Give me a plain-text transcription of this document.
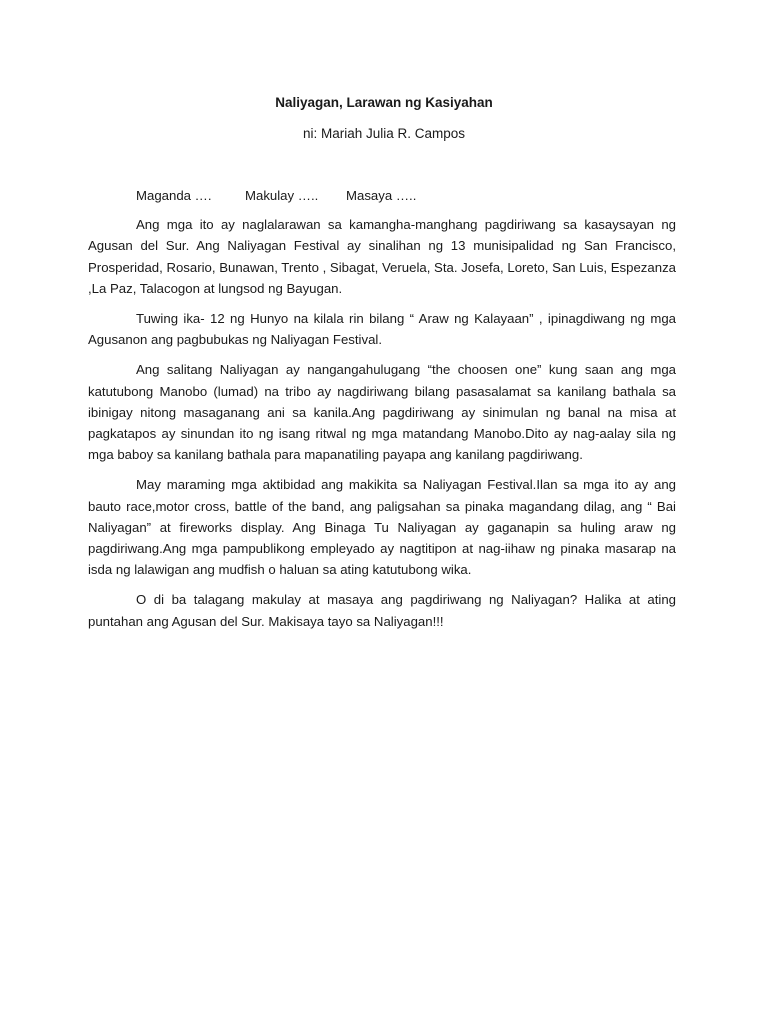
Naliyagan, Larawan ng Kasiyahan
ni: Mariah Julia R. Campos
Maganda ….	Makulay ….. Masaya …..

Ang mga ito ay naglalarawan sa kamangha-manghang pagdiriwang sa kasaysayan ng Agusan del Sur. Ang Naliyagan Festival ay sinalihan ng 13 munisipalidad ng San Francisco, Prosperidad, Rosario, Bunawan, Trento , Sibagat, Veruela, Sta. Josefa, Loreto, San Luis, Espezanza ,La Paz, Talacogon at lungsod ng Bayugan.

Tuwing ika- 12 ng Hunyo na kilala rin bilang “ Araw ng Kalayaan” , ipinagdiwang ng mga Agusanon ang pagbubukas ng Naliyagan Festival.

Ang salitang Naliyagan ay nangangahulugang “the choosen one” kung saan ang mga katutubong Manobo (lumad) na tribo ay nagdiriwang bilang pasasalamat sa kanilang bathala sa ibinigay nitong masaganang ani sa kanila.Ang pagdiriwang ay sinimulan ng banal na misa at pagkatapos ay sinundan ito ng isang ritwal ng mga matandang Manobo.Dito ay nag-aalay sila ng mga baboy sa kanilang bathala para mapanatiling payapa ang kanilang pagdiriwang.

May maraming mga aktibidad ang makikita sa Naliyagan Festival.Ilan sa mga ito ay ang bauto race,motor cross, battle of the band, ang paligsahan sa pinaka magandang dilag, ang “ Bai Naliyagan” at fireworks display. Ang Binaga Tu Naliyagan ay gaganapin sa huling araw ng pagdiriwang.Ang mga pampublikong empleyado ay nagtitipon at nag-iihaw ng pinaka masarap na isda ng lalawigan ang mudfish o haluan sa ating katutubong wika.

O di ba talagang makulay at masaya ang pagdiriwang ng Naliyagan? Halika at ating puntahan ang Agusan del Sur. Makisaya tayo sa Naliyagan!!!
